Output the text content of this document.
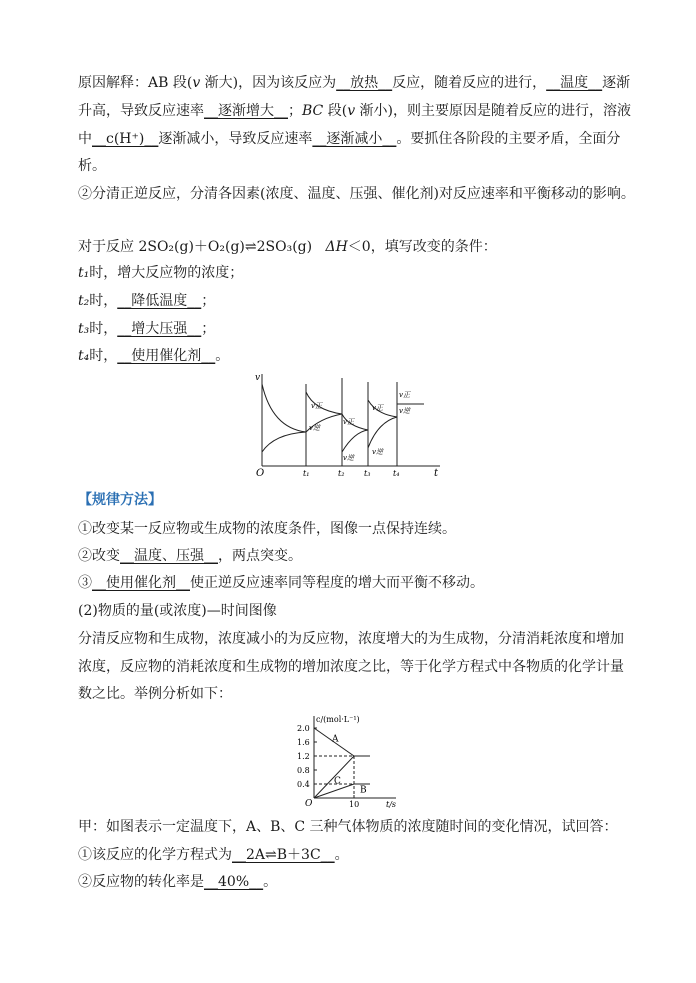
原因解释：AB 段(v 渐大)，因为该反应为__放热__反应，随着反应的进行，__温度__逐渐
升高，导致反应速率__逐渐增大__；BC 段(v 渐小)，则主要原因是随着反应的进行，溶液
中__c(H⁺)__逐渐减小，导致反应速率__逐渐减小__。要抓住各阶段的主要矛盾，全面分
析。
②分清正逆反应，分清各因素(浓度、温度、压强、催化剂)对反应速率和平衡移动的影响。
对于反应 2SO₂(g)＋O₂(g)⇌2SO₃(g) ΔH＜0，填写改变的条件：
t₁时，增大反应物的浓度；
t₂时，__降低温度__；
t₃时，__增大压强__；
t₄时，__使用催化剂__。
v
O	t
t₁	t₂ t₃	t₄
v正
v逆
v正
v逆
v正
v逆
v正
v逆
【规律方法】
①改变某一反应物或生成物的浓度条件，图像一点保持连续。
②改变__温度、压强__，两点突变。
③__使用催化剂__使正逆反应速率同等程度的增大而平衡不移动。
(2)物质的量(或浓度)—时间图像
分清反应物和生成物，浓度减小的为反应物，浓度增大的为生成物，分清消耗浓度和增加
浓度，反应物的消耗浓度和生成物的增加浓度之比，等于化学方程式中各物质的化学计量
数之比。举例分析如下：
c/(mol·L⁻¹)
t/s
O	10
2.0
1.6
1.2
0.8
0.4
A
C
B
甲：如图表示一定温度下，A、B、C 三种气体物质的浓度随时间的变化情况，试回答：
①该反应的化学方程式为__2A⇌B＋3C__。
②反应物的转化率是__40%__。
